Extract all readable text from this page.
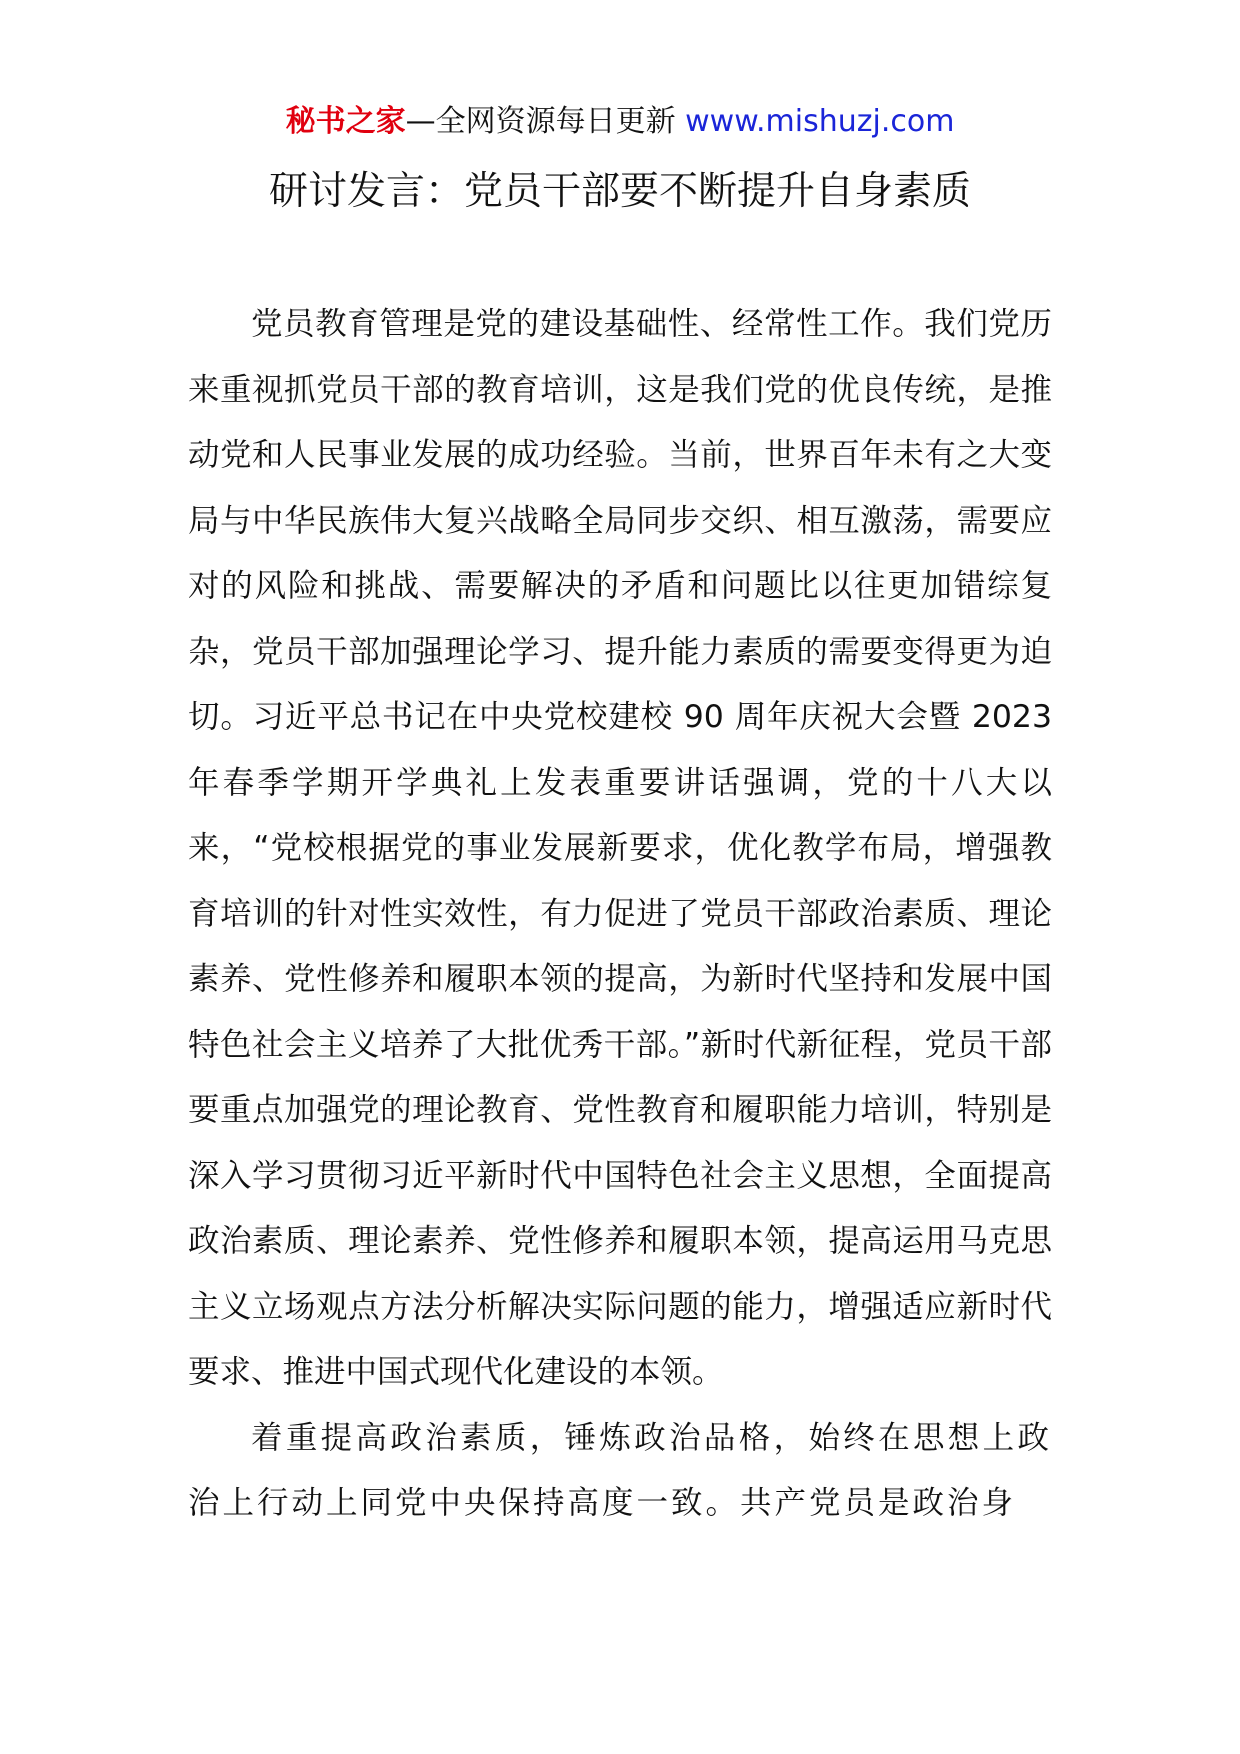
秘书之家—全网资源每日更新 www.mishuzj.com
研讨发言：党员干部要不断提升自身素质

党员教育管理是党的建设基础性、经常性工作。我们党历来重视抓党员干部的教育培训，这是我们党的优良传统，是推动党和人民事业发展的成功经验。当前，世界百年未有之大变局与中华民族伟大复兴战略全局同步交织、相互激荡，需要应对的风险和挑战、需要解决的矛盾和问题比以往更加错综复杂，党员干部加强理论学习、提升能力素质的需要变得更为迫切。习近平总书记在中央党校建校 90 周年庆祝大会暨 2023 年春季学期开学典礼上发表重要讲话强调，党的十八大以来，“党校根据党的事业发展新要求，优化教学布局，增强教育培训的针对性实效性，有力促进了党员干部政治素质、理论素养、党性修养和履职本领的提高，为新时代坚持和发展中国特色社会主义培养了大批优秀干部。”新时代新征程，党员干部要重点加强党的理论教育、党性教育和履职能力培训，特别是深入学习贯彻习近平新时代中国特色社会主义思想，全面提高政治素质、理论素养、党性修养和履职本领，提高运用马克思主义立场观点方法分析解决实际问题的能力，增强适应新时代要求、推进中国式现代化建设的本领。

着重提高政治素质，锤炼政治品格，始终在思想上政治上行动上同党中央保持高度一致。共产党员是政治身
